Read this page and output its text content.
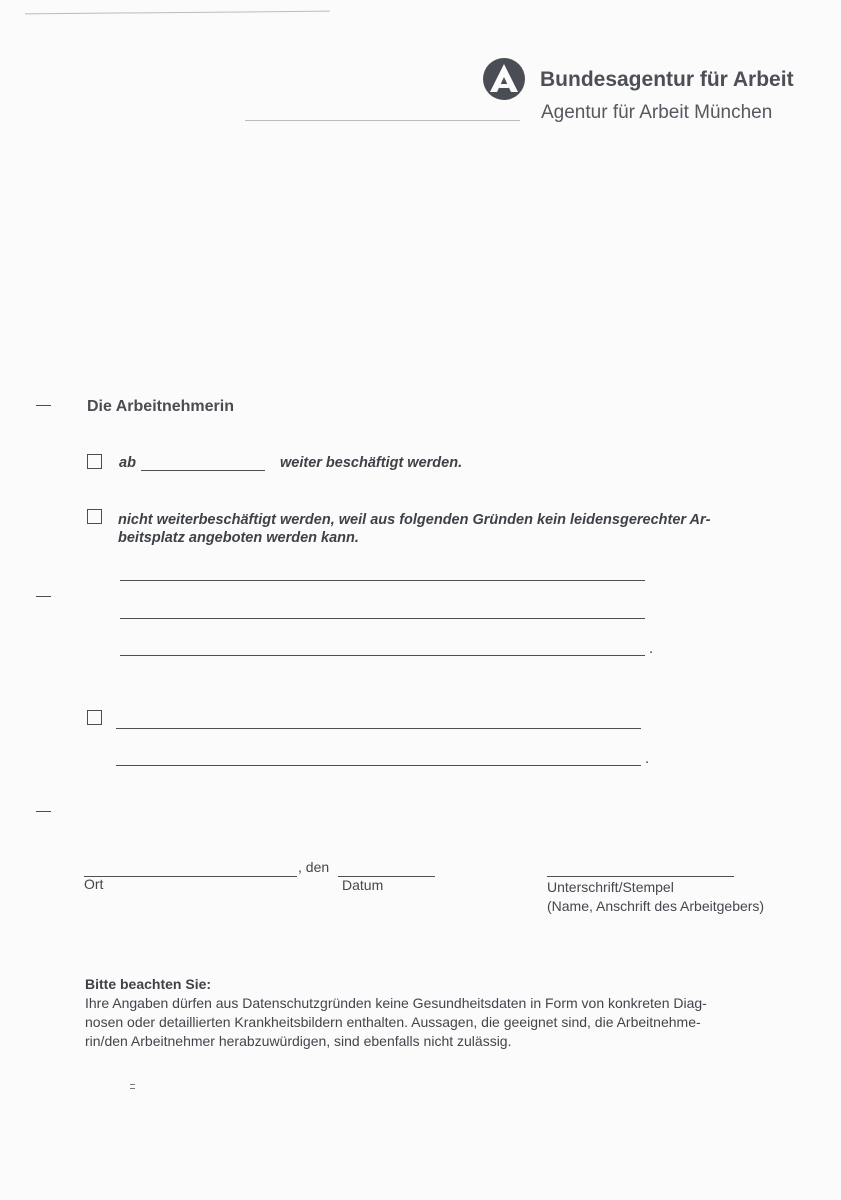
Bundesagentur für Arbeit
Agentur für Arbeit München
Die Arbeitnehmerin
ab	weiter beschäftigt werden.
nicht weiterbeschäftigt werden, weil aus folgenden Gründen kein leidensgerechter Ar-
beitsplatz angeboten werden kann.
.
.
, den
Ort	Datum	Unterschrift/Stempel
(Name, Anschrift des Arbeitgebers)
Bitte beachten Sie:
Ihre Angaben dürfen aus Datenschutzgründen keine Gesundheitsdaten in Form von konkreten Diag-
nosen oder detaillierten Krankheitsbildern enthalten. Aussagen, die geeignet sind, die Arbeitnehme-
rin/den Arbeitnehmer herabzuwürdigen, sind ebenfalls nicht zulässig.
